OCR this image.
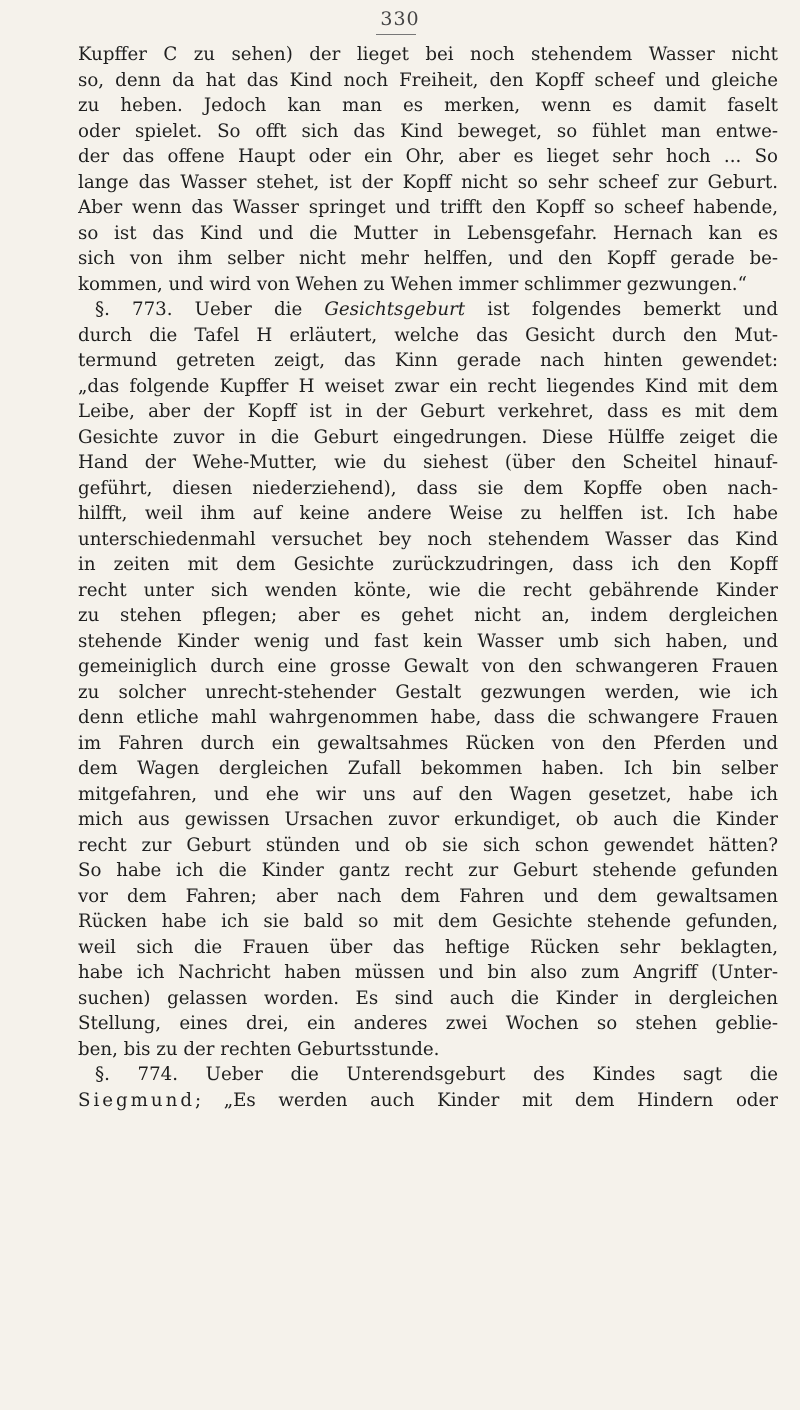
330
Kupffer C zu sehen) der lieget bei noch stehendem Wasser nicht
so, denn da hat das Kind noch Freiheit, den Kopff scheef und gleiche
zu heben. Jedoch kan man es merken, wenn es damit faselt
oder spielet. So offt sich das Kind beweget, so fühlet man entwe-
der das offene Haupt oder ein Ohr, aber es lieget sehr hoch ... So
lange das Wasser stehet, ist der Kopff nicht so sehr scheef zur Geburt.
Aber wenn das Wasser springet und trifft den Kopff so scheef habende,
so ist das Kind und die Mutter in Lebensgefahr. Hernach kan es
sich von ihm selber nicht mehr helffen, und den Kopff gerade be-
kommen, und wird von Wehen zu Wehen immer schlimmer gezwungen.“
§. 773. Ueber die Gesichtsgeburt ist folgendes bemerkt und
durch die Tafel H erläutert, welche das Gesicht durch den Mut-
termund getreten zeigt, das Kinn gerade nach hinten gewendet:
„das folgende Kupffer H weiset zwar ein recht liegendes Kind mit dem
Leibe, aber der Kopff ist in der Geburt verkehret, dass es mit dem
Gesichte zuvor in die Geburt eingedrungen. Diese Hülffe zeiget die
Hand der Wehe-Mutter, wie du siehest (über den Scheitel hinauf-
geführt, diesen niederziehend), dass sie dem Kopffe oben nach-
hilfft, weil ihm auf keine andere Weise zu helffen ist. Ich habe
unterschiedenmahl versuchet bey noch stehendem Wasser das Kind
in zeiten mit dem Gesichte zurückzudringen, dass ich den Kopff
recht unter sich wenden könte, wie die recht gebährende Kinder
zu stehen pflegen; aber es gehet nicht an, indem dergleichen
stehende Kinder wenig und fast kein Wasser umb sich haben, und
gemeiniglich durch eine grosse Gewalt von den schwangeren Frauen
zu solcher unrecht-stehender Gestalt gezwungen werden, wie ich
denn etliche mahl wahrgenommen habe, dass die schwangere Frauen
im Fahren durch ein gewaltsahmes Rücken von den Pferden und
dem Wagen dergleichen Zufall bekommen haben. Ich bin selber
mitgefahren, und ehe wir uns auf den Wagen gesetzet, habe ich
mich aus gewissen Ursachen zuvor erkundiget, ob auch die Kinder
recht zur Geburt stünden und ob sie sich schon gewendet hätten?
So habe ich die Kinder gantz recht zur Geburt stehende gefunden
vor dem Fahren; aber nach dem Fahren und dem gewaltsamen
Rücken habe ich sie bald so mit dem Gesichte stehende gefunden,
weil sich die Frauen über das heftige Rücken sehr beklagten,
habe ich Nachricht haben müssen und bin also zum Angriff (Unter-
suchen) gelassen worden. Es sind auch die Kinder in dergleichen
Stellung, eines drei, ein anderes zwei Wochen so stehen geblie-
ben, bis zu der rechten Geburtsstunde.
§. 774. Ueber die Unterendsgeburt des Kindes sagt die
Siegmund; „Es werden auch Kinder mit dem Hindern oder
